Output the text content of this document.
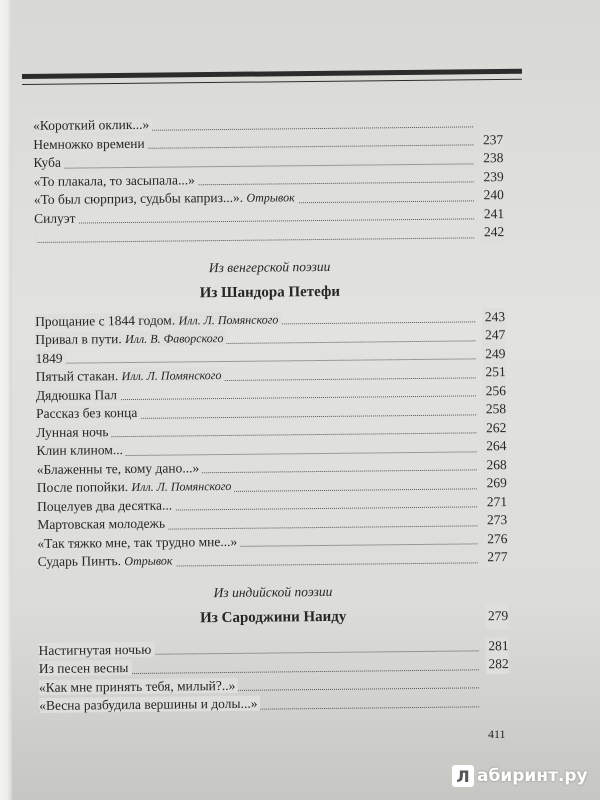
«Короткий оклик...»
Немножко времени	237
Куба	238
«То плакала, то засыпала...»	239
«То был сюрприз, судьбы каприз...». Отрывок	240
Силуэт	241
242
Из венгерской поэзии
Из Шандора Петефи
Прощание с 1844 годом. Илл. Л. Помянского	243
Привал в пути. Илл. В. Фаворского	247
1849	249
Пятый стакан. Илл. Л. Помянского	251
Дядюшка Пал	256
Рассказ без конца	258
Лунная ночь	262
Клин клином...	264
«Блаженны те, кому дано...»	268
После попойки. Илл. Л. Помянского	269
Поцелуев два десятка...	271
Мартовская молодежь	273
«Так тяжко мне, так трудно мне...»	276
Сударь Пинть. Отрывок	277
Из индийской поэзии
Из Сароджини Наиду	279
Настигнутая ночью	281
Из песен весны	282
«Как мне принять тебя, милый?..»
«Весна разбудила вершины и долы...»
411
Л абиринт.ру
